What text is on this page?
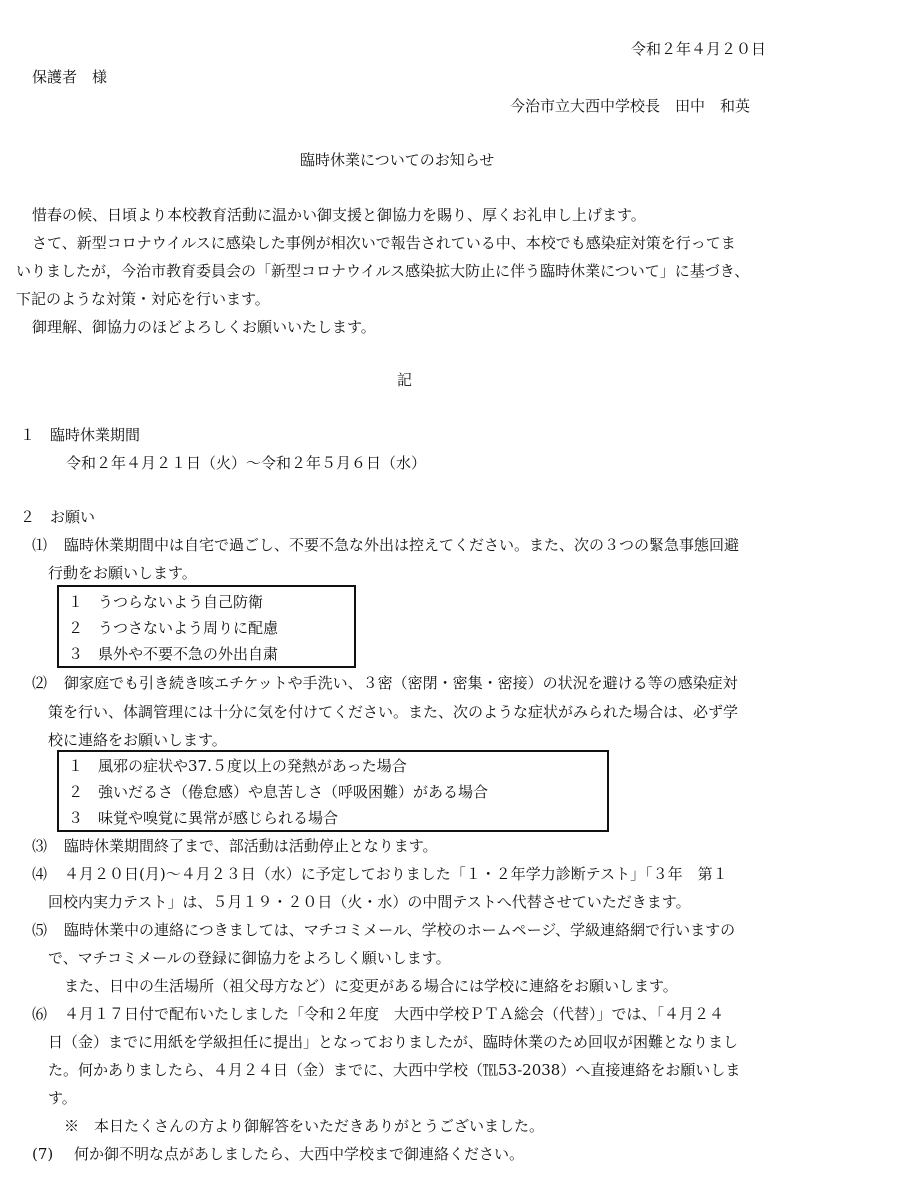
令和２年４月２０日
保護者　様
今治市立大西中学校長　田中　和英
臨時休業についてのお知らせ
惜春の候、日頃より本校教育活動に温かい御支援と御協力を賜り、厚くお礼申し上げます。
さて、新型コロナウイルスに感染した事例が相次いで報告されている中、本校でも感染症対策を行ってま
いりましたが，今治市教育委員会の「新型コロナウイルス感染拡大防止に伴う臨時休業について」に基づき、
下記のような対策・対応を行います。
御理解、御協力のほどよろしくお願いいたします。
記
１　臨時休業期間
令和２年４月２１日（火）～令和２年５月６日（水）
２　お願い
⑴ 臨時休業期間中は自宅で過ごし、不要不急な外出は控えてください。また、次の３つの緊急事態回避
行動をお願いします。
１　うつらないよう自己防衛
２　うつさないよう周りに配慮
３　県外や不要不急の外出自粛
⑵ 御家庭でも引き続き咳エチケットや手洗い、３密（密閉・密集・密接）の状況を避ける等の感染症対
策を行い、体調管理には十分に気を付けてください。また、次のような症状がみられた場合は、必ず学
校に連絡をお願いします。
１　風邪の症状や37.５度以上の発熱があった場合
２　強いだるさ（倦怠感）や息苦しさ（呼吸困難）がある場合
３　味覚や嗅覚に異常が感じられる場合
⑶ 臨時休業期間終了まで、部活動は活動停止となります。
⑷ ４月２０日(月)～４月２３日（水）に予定しておりました「１・２年学力診断テスト」「３年　第１
回校内実力テスト」は、５月１９・２０日（火・水）の中間テストへ代替させていただきます。
⑸ 臨時休業中の連絡につきましては、マチコミメール、学校のホームページ、学級連絡網で行いますの
で、マチコミメールの登録に御協力をよろしく願いします。
また、日中の生活場所（祖父母方など）に変更がある場合には学校に連絡をお願いします。
⑹ ４月１７日付で配布いたしました「令和２年度　大西中学校ＰＴＡ総会（代替）」では、「４月２４
日（金）までに用紙を学級担任に提出」となっておりましたが、臨時休業のため回収が困難となりまし
た。何かありましたら、４月２４日（金）までに、大西中学校（℡53-2038）へ直接連絡をお願いしま
す。
※　本日たくさんの方より御解答をいただきありがとうございました。
(7) 何か御不明な点があしましたら、大西中学校まで御連絡ください。
